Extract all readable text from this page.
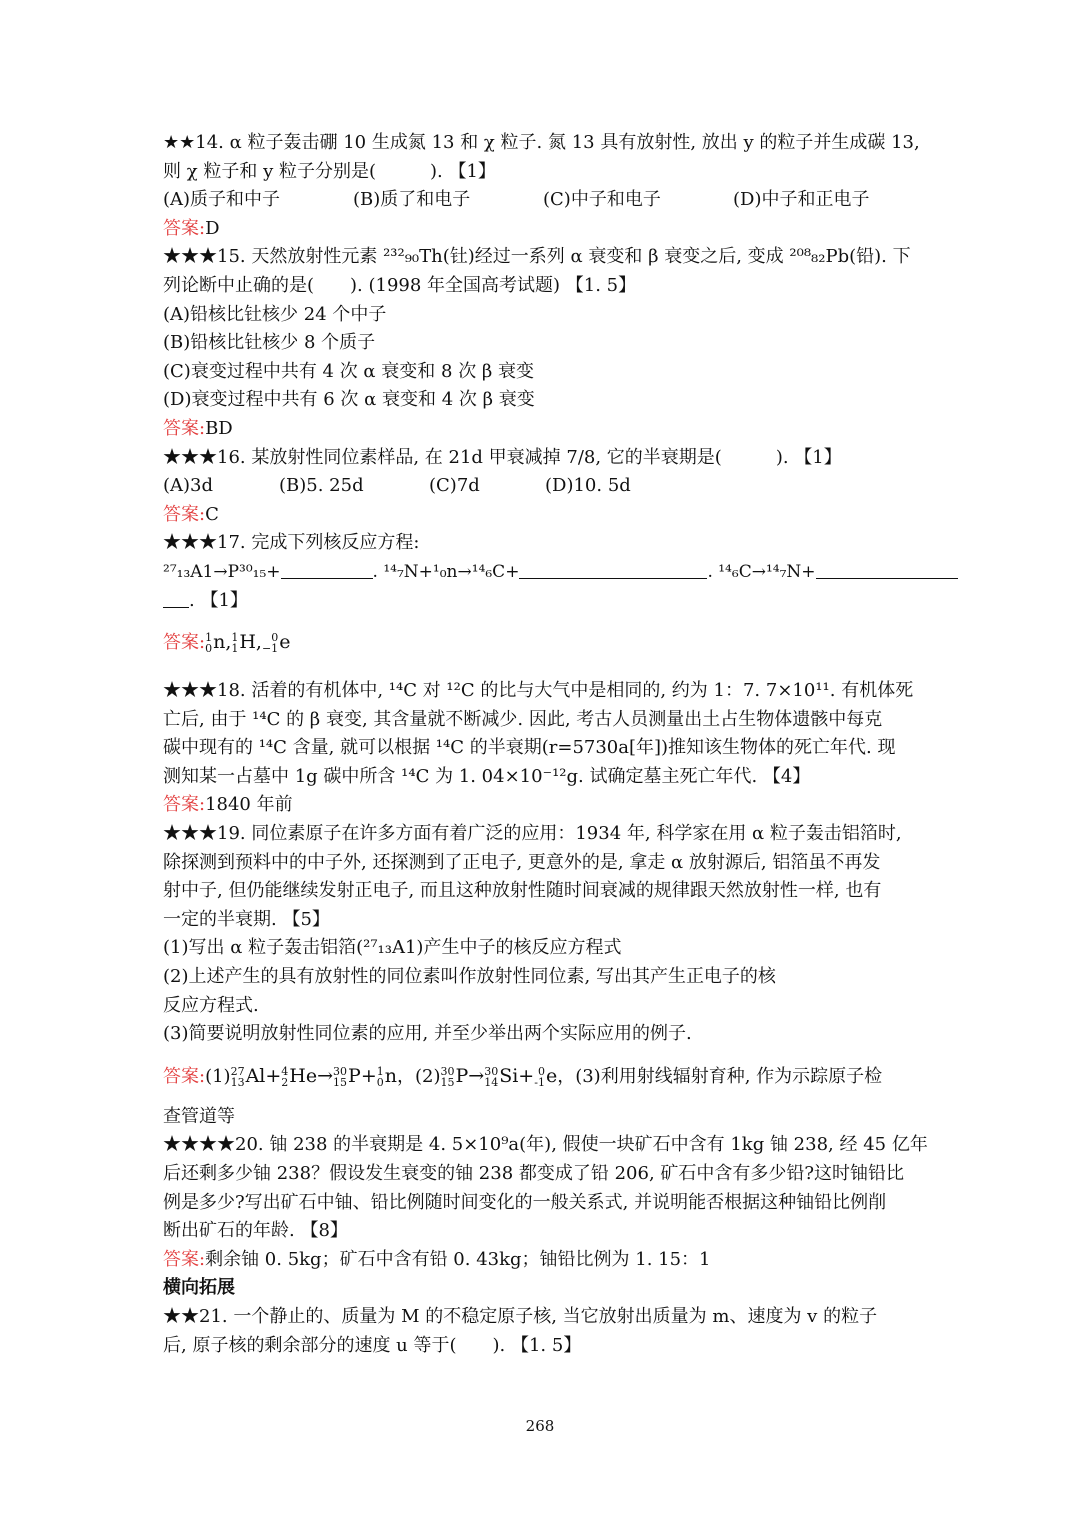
★★14. α 粒子轰击硼 10 生成氮 13 和 χ 粒子. 氮 13 具有放射性, 放出 y 的粒子并生成碳 13,
则 χ 粒子和 y 粒子分别是(　　　). 【1】
(A)质子和中子	(B)质了和电子	(C)中子和电子	(D)中子和正电子
答案:D
★★★15. 天然放射性元素 ²³²₉₀Th(钍)经过一系列 α 衰变和 β 衰变之后, 变成 ²⁰⁸₈₂Pb(铅). 下
列论断中止确的是(　　). (1998 年全国高考试题) 【1. 5】
(A)铅核比钍核少 24 个中子
(B)铅核比钍核少 8 个质子
(C)衰变过程中共有 4 次 α 衰变和 8 次 β 衰变
(D)衰变过程中共有 6 次 α 衰变和 4 次 β 衰变
答案:BD
★★★16. 某放射性同位素样品, 在 21d 甲衰减掉 7/8, 它的半衰期是(　　　). 【1】
(A)3d	(B)5. 25d	(C)7d	(D)10. 5d
答案:C
★★★17. 完成下列核反应方程:
²⁷₁₃A1→P³⁰₁₅+	. ¹⁴₇N+¹₀n→¹⁴₆C+	. ¹⁴₆C→¹⁴₇N+
. 【1】
答案: 1
0 n, 1
1 H, 0
−1 e
★★★18. 活着的有机体中, ¹⁴C 对 ¹²C 的比与大气中是相同的, 约为 1：7. 7×10¹¹. 有机体死
亡后, 由于 ¹⁴C 的 β 衰变, 其含量就不断减少. 因此, 考古人员测量出土占生物体遗骸中每克
碳中现有的 ¹⁴C 含量, 就可以根据 ¹⁴C 的半衰期(r=5730a[年])推知该生物体的死亡年代. 现
测知某一占墓中 1g 碳中所含 ¹⁴C 为 1. 04×10⁻¹²g. 试确定墓主死亡年代. 【4】
答案:1840 年前
★★★19. 同位素原子在许多方面有着广泛的应用：1934 年, 科学家在用 α 粒子轰击铝箔时,
除探测到预料中的中子外, 还探测到了正电子, 更意外的是, 拿走 α 放射源后, 铝箔虽不再发
射中子, 但仍能继续发射正电子, 而且这种放射性随时间衰减的规律跟天然放射性一样, 也有
一定的半衰期. 【5】
(1)写出 α 粒子轰击铝箔(²⁷₁₃A1)产生中子的核反应方程式
(2)上述产生的具有放射性的同位素叫作放射性同位素, 写出其产生正电子的核
反应方程式.
(3)简要说明放射性同位素的应用, 并至少举出两个实际应用的例子.
答案:(1) 27
13 Al+ 4
2 He→ 30
15 P+ 1
0 n，(2) 30
15 P→ 30
14 Si+ 0
-1 e，(3)利用射线辐射育种, 作为示踪原子检
查管道等
★★★★20. 铀 238 的半衰期是 4. 5×10⁹a(年), 假使一块矿石中含有 1kg 铀 238, 经 45 亿年
后还剩多少铀 238？假设发生衰变的铀 238 都变成了铅 206, 矿石中含有多少铅?这时铀铅比
例是多少?写出矿石中铀、铅比例随时间变化的一般关系式, 并说明能否根据这种铀铅比例削
断出矿石的年龄. 【8】
答案:剩余铀 0. 5kg；矿石中含有铅 0. 43kg；铀铅比例为 1. 15：1
横向拓展
★★21. 一个静止的、质量为 M 的不稳定原子核, 当它放射出质量为 m、速度为 v 的粒子
后, 原子核的剩余部分的速度 u 等于(　　). 【1. 5】
268
